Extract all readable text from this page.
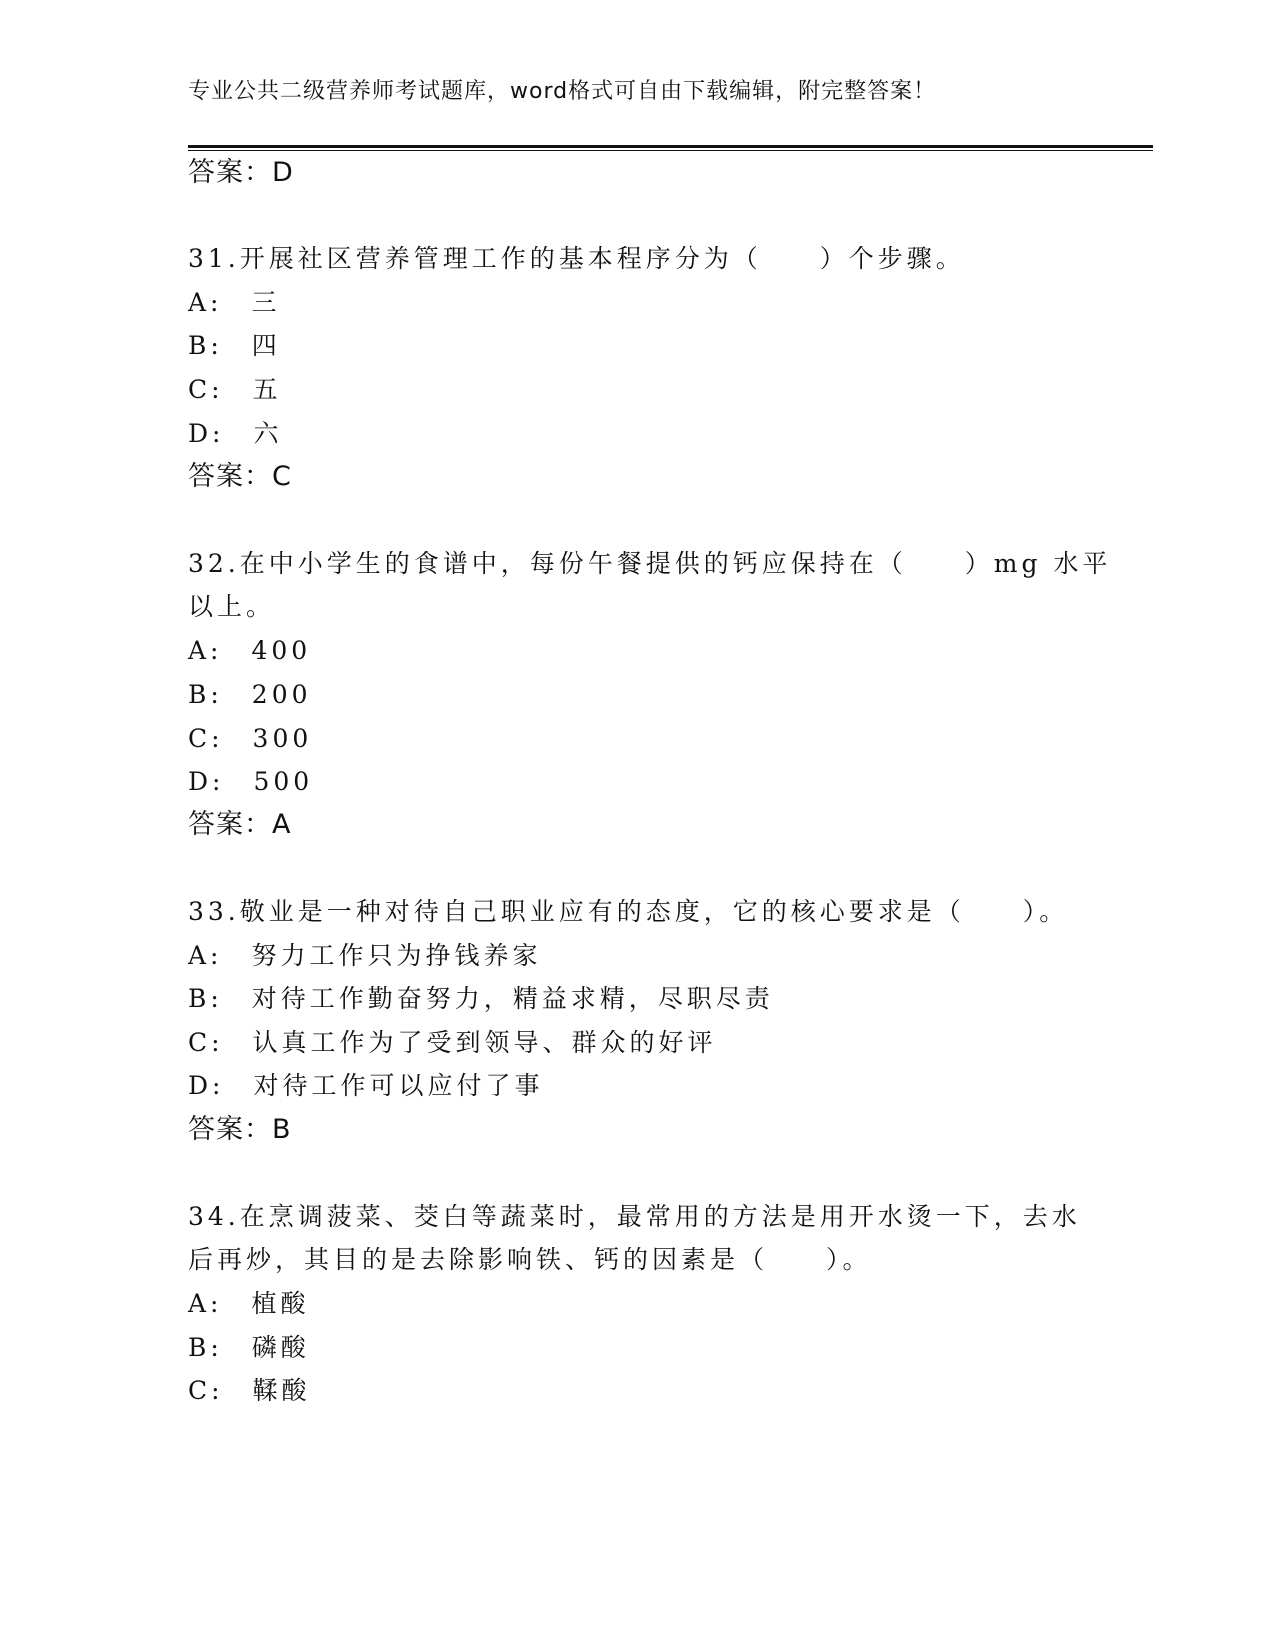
专业公共二级营养师考试题库，word格式可自由下载编辑，附完整答案！
答案：D
31.开展社区营养管理工作的基本程序分为（　　）个步骤。
A:　三
B:　四
C:　五
D:　六
答案：C
32.在中小学生的食谱中，每份午餐提供的钙应保持在（　　）mg 水平
以上。
A:　400
B:　200
C:　300
D:　500
答案：A
33.敬业是一种对待自己职业应有的态度，它的核心要求是（　　）。
A:　努力工作只为挣钱养家
B:　对待工作勤奋努力，精益求精，尽职尽责
C:　认真工作为了受到领导、群众的好评
D:　对待工作可以应付了事
答案：B
34.在烹调菠菜、茭白等蔬菜时，最常用的方法是用开水烫一下，去水
后再炒，其目的是去除影响铁、钙的因素是（　　）。
A:　植酸
B:　磷酸
C:　鞣酸
